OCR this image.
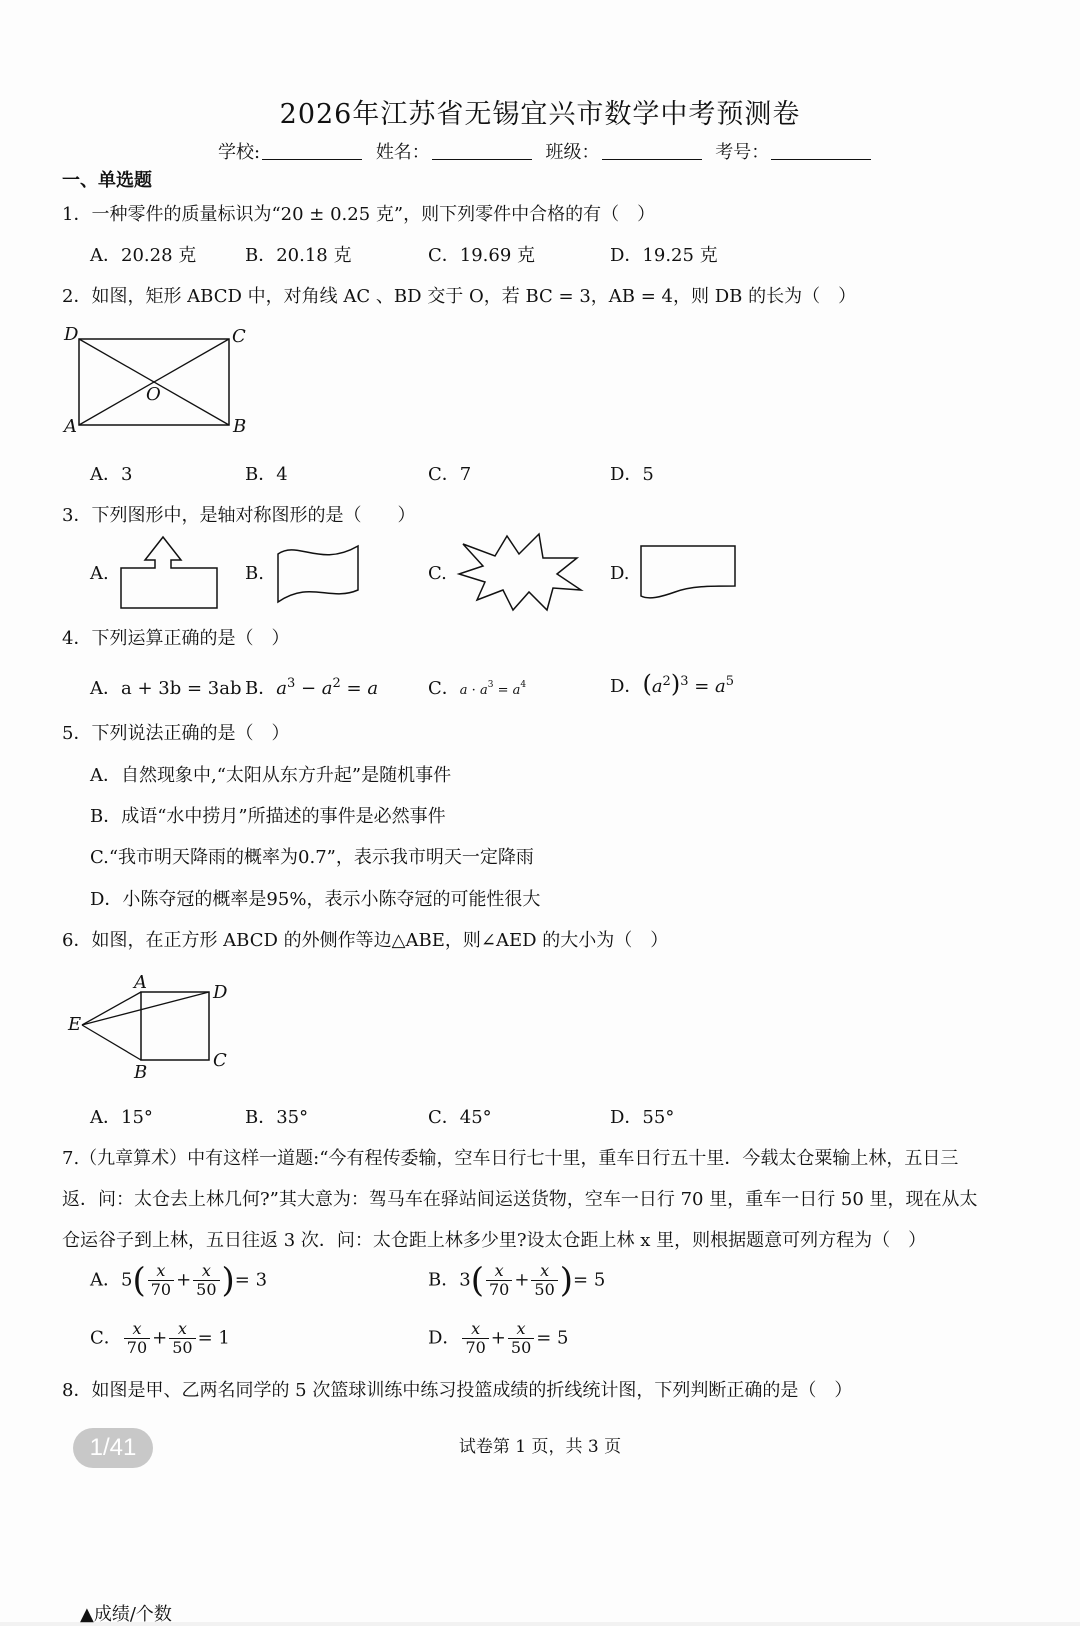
2026年江苏省无锡宜兴市数学中考预测卷
学校:	姓名：	班级：	考号：
一、单选题
1．一种零件的质量标识为“20 ± 0.25 克”，则下列零件中合格的有（　）
A．20.28 克	B．20.18 克	C．19.69 克	D．19.25 克
2．如图，矩形 ABCD 中，对角线 AC 、BD 交于 O，若 BC = 3，AB = 4，则 DB 的长为（　）
D	C
A	B
O
A．3	B．4	C．7	D．5
3．下列图形中，是轴对称图形的是（　　）
A.	B.	C.	D.
4．下列运算正确的是（　）
A．a + 3b = 3ab B．$a^3 - a^2 = a$	C．$a \cdot a^3 = a^4$	D．$(a^2)^3 = a^5$
5．下列说法正确的是（　）
A．自然现象中,“太阳从东方升起”是随机事件
B．成语“水中捞月”所描述的事件是必然事件
C.“我市明天降雨的概率为0.7”，表示我市明天一定降雨
D．小陈夺冠的概率是95%，表示小陈夺冠的可能性很大
6．如图，在正方形 ABCD 的外侧作等边△ABE，则∠AED 的大小为（　）
A	D
E
B
C
A．15°	B．35°	C．45°	D．55°
7.（九章算术）中有这样一道题:“今有程传委输，空车日行七十里，重车日行五十里．今载太仓粟输上林，五日三
返．问：太仓去上林几何?”其大意为：驾马车在驿站间运送货物，空车一日行 70 里，重车一日行 50 里，现在从太
仓运谷子到上林，五日往返 3 次．问：太仓距上林多少里?设太仓距上林 x 里，则根据题意可列方程为（　）
A．$5( \frac{x}{70} + \frac{x}{50}$ )= 3	B．$3( \frac{x}{70} + \frac{x}{50}$ )= 5
C． $\frac{x}{70} + \frac{x}{50} = 1$	D． $\frac{x}{70} + \frac{x}{50} = 5$
8．如图是甲、乙两名同学的 5 次篮球训练中练习投篮成绩的折线统计图，下列判断正确的是（　）
1/41	试卷第 1 页，共 3 页
▲成绩/个数
